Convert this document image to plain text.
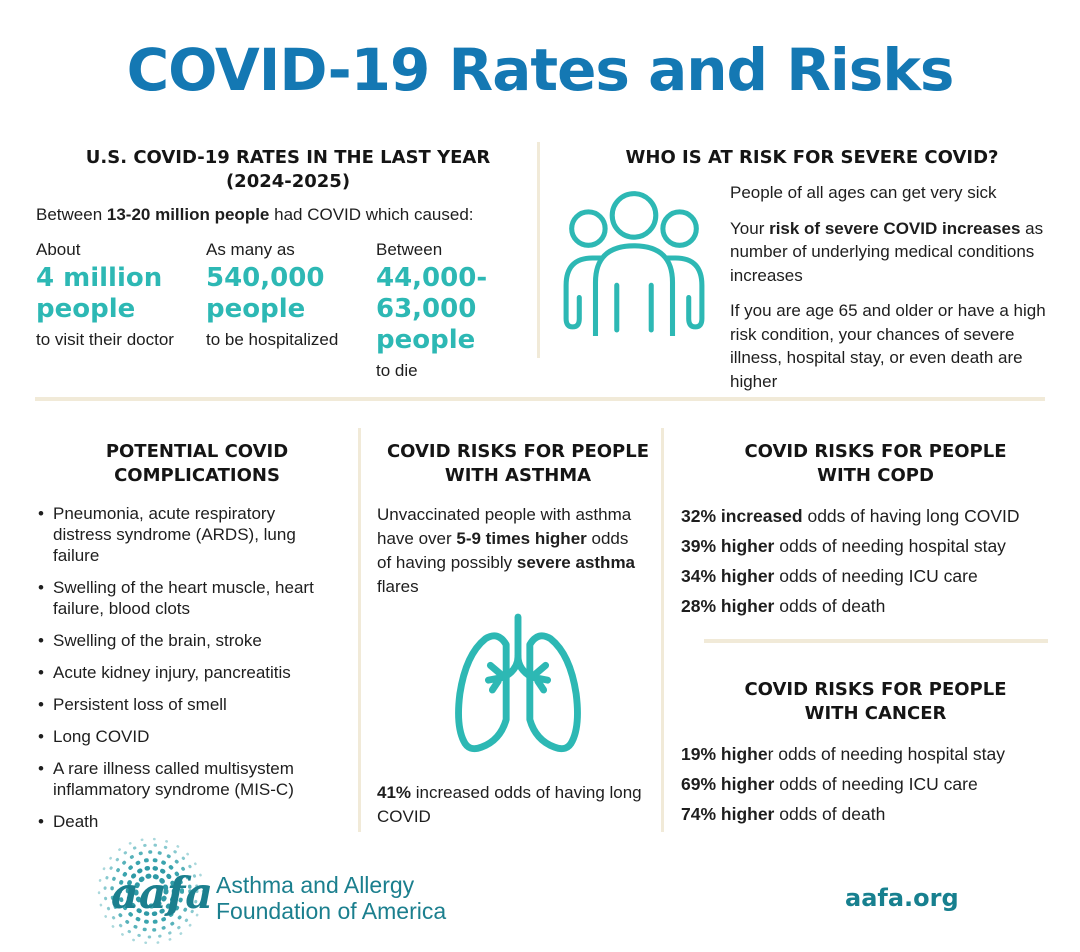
COVID-19 Rates and Risks
U.S. COVID-19 RATES IN THE LAST YEAR
(2024-2025)
Between 13-20 million people had COVID which caused:
About
4 million people
to visit their doctor
As many as
540,000 people
to be hospitalized
Between
44,000-63,000 people
to die
WHO IS AT RISK FOR SEVERE COVID?
People of all ages can get very sick
Your risk of severe COVID increases as number of underlying medical conditions increases
If you are age 65 and older or have a high risk condition, your chances of severe illness, hospital stay, or even death are higher
POTENTIAL COVID
COMPLICATIONS
• Pneumonia, acute respiratory distress syndrome (ARDS), lung failure
• Swelling of the heart muscle, heart failure, blood clots
• Swelling of the brain, stroke
• Acute kidney injury, pancreatitis
• Persistent loss of smell
• Long COVID
• A rare illness called multisystem inflammatory syndrome (MIS-C)
• Death
COVID RISKS FOR PEOPLE
WITH ASTHMA
Unvaccinated people with asthma have over 5-9 times higher odds of having possibly severe asthma flares
41% increased odds of having long COVID
COVID RISKS FOR PEOPLE
WITH COPD
32% increased odds of having long COVID
39% higher odds of needing hospital stay
34% higher odds of needing ICU care
28% higher odds of death
COVID RISKS FOR PEOPLE
WITH CANCER
19% higher odds of needing hospital stay
69% higher odds of needing ICU care
74% higher odds of death
aafa Asthma and Allergy
Foundation of America	aafa.org
